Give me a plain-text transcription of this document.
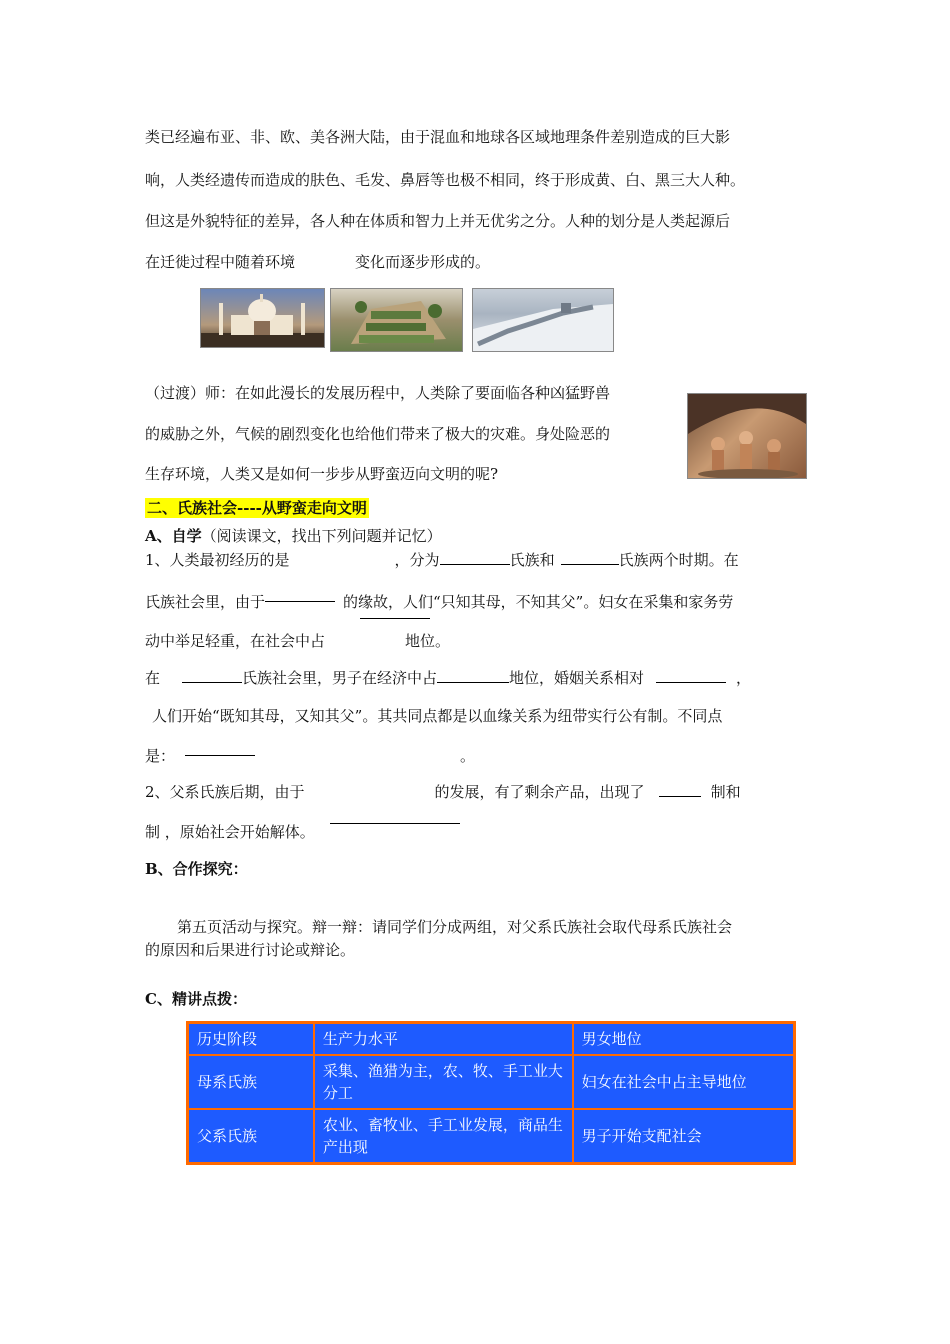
类已经遍布亚、非、欧、美各洲大陆，由于混血和地球各区域地理条件差别造成的巨大影
响，人类经遗传而造成的肤色、毛发、鼻唇等也极不相同，终于形成黄、白、黑三大人种。
但这是外貌特征的差异，各人种在体质和智力上并无优劣之分。人种的划分是人类起源后
在迁徙过程中随着环境	变化而逐步形成的。
（过渡）师：在如此漫长的发展历程中，人类除了要面临各种凶猛野兽
的威胁之外，气候的剧烈变化也给他们带来了极大的灾难。身处险恶的
生存环境，人类又是如何一步步从野蛮迈向文明的呢?
二、氏族社会----从野蛮走向文明
A、自学（阅读课文，找出下列问题并记忆）
1、人类最初经历的是	，分为	氏族和	氏族两个时期。在
氏族社会里，由于	的缘故，人们“只知其母，不知其父”。妇女在采集和家务劳
动中举足轻重，在社会中占	地位。
在	氏族社会里，男子在经济中占	地位，婚姻关系相对	，
人们开始“既知其母，又知其父”。其共同点都是以血缘关系为纽带实行公有制。不同点
是：	。
2、父系氏族后期，由于	的发展，有了剩余产品，出现了	制和
制 ，原始社会开始解体。
B、合作探究：
第五页活动与探究。辩一辩：请同学们分成两组，对父系氏族社会取代母系氏族社会
的原因和后果进行讨论或辩论。
C、精讲点拨：
历史阶段	生产力水平	男女地位
母系氏族	采集、渔猎为主，农、牧、手工业大分工	妇女在社会中占主导地位
父系氏族	农业、畜牧业、手工业发展，商品生产出现	男子开始支配社会
